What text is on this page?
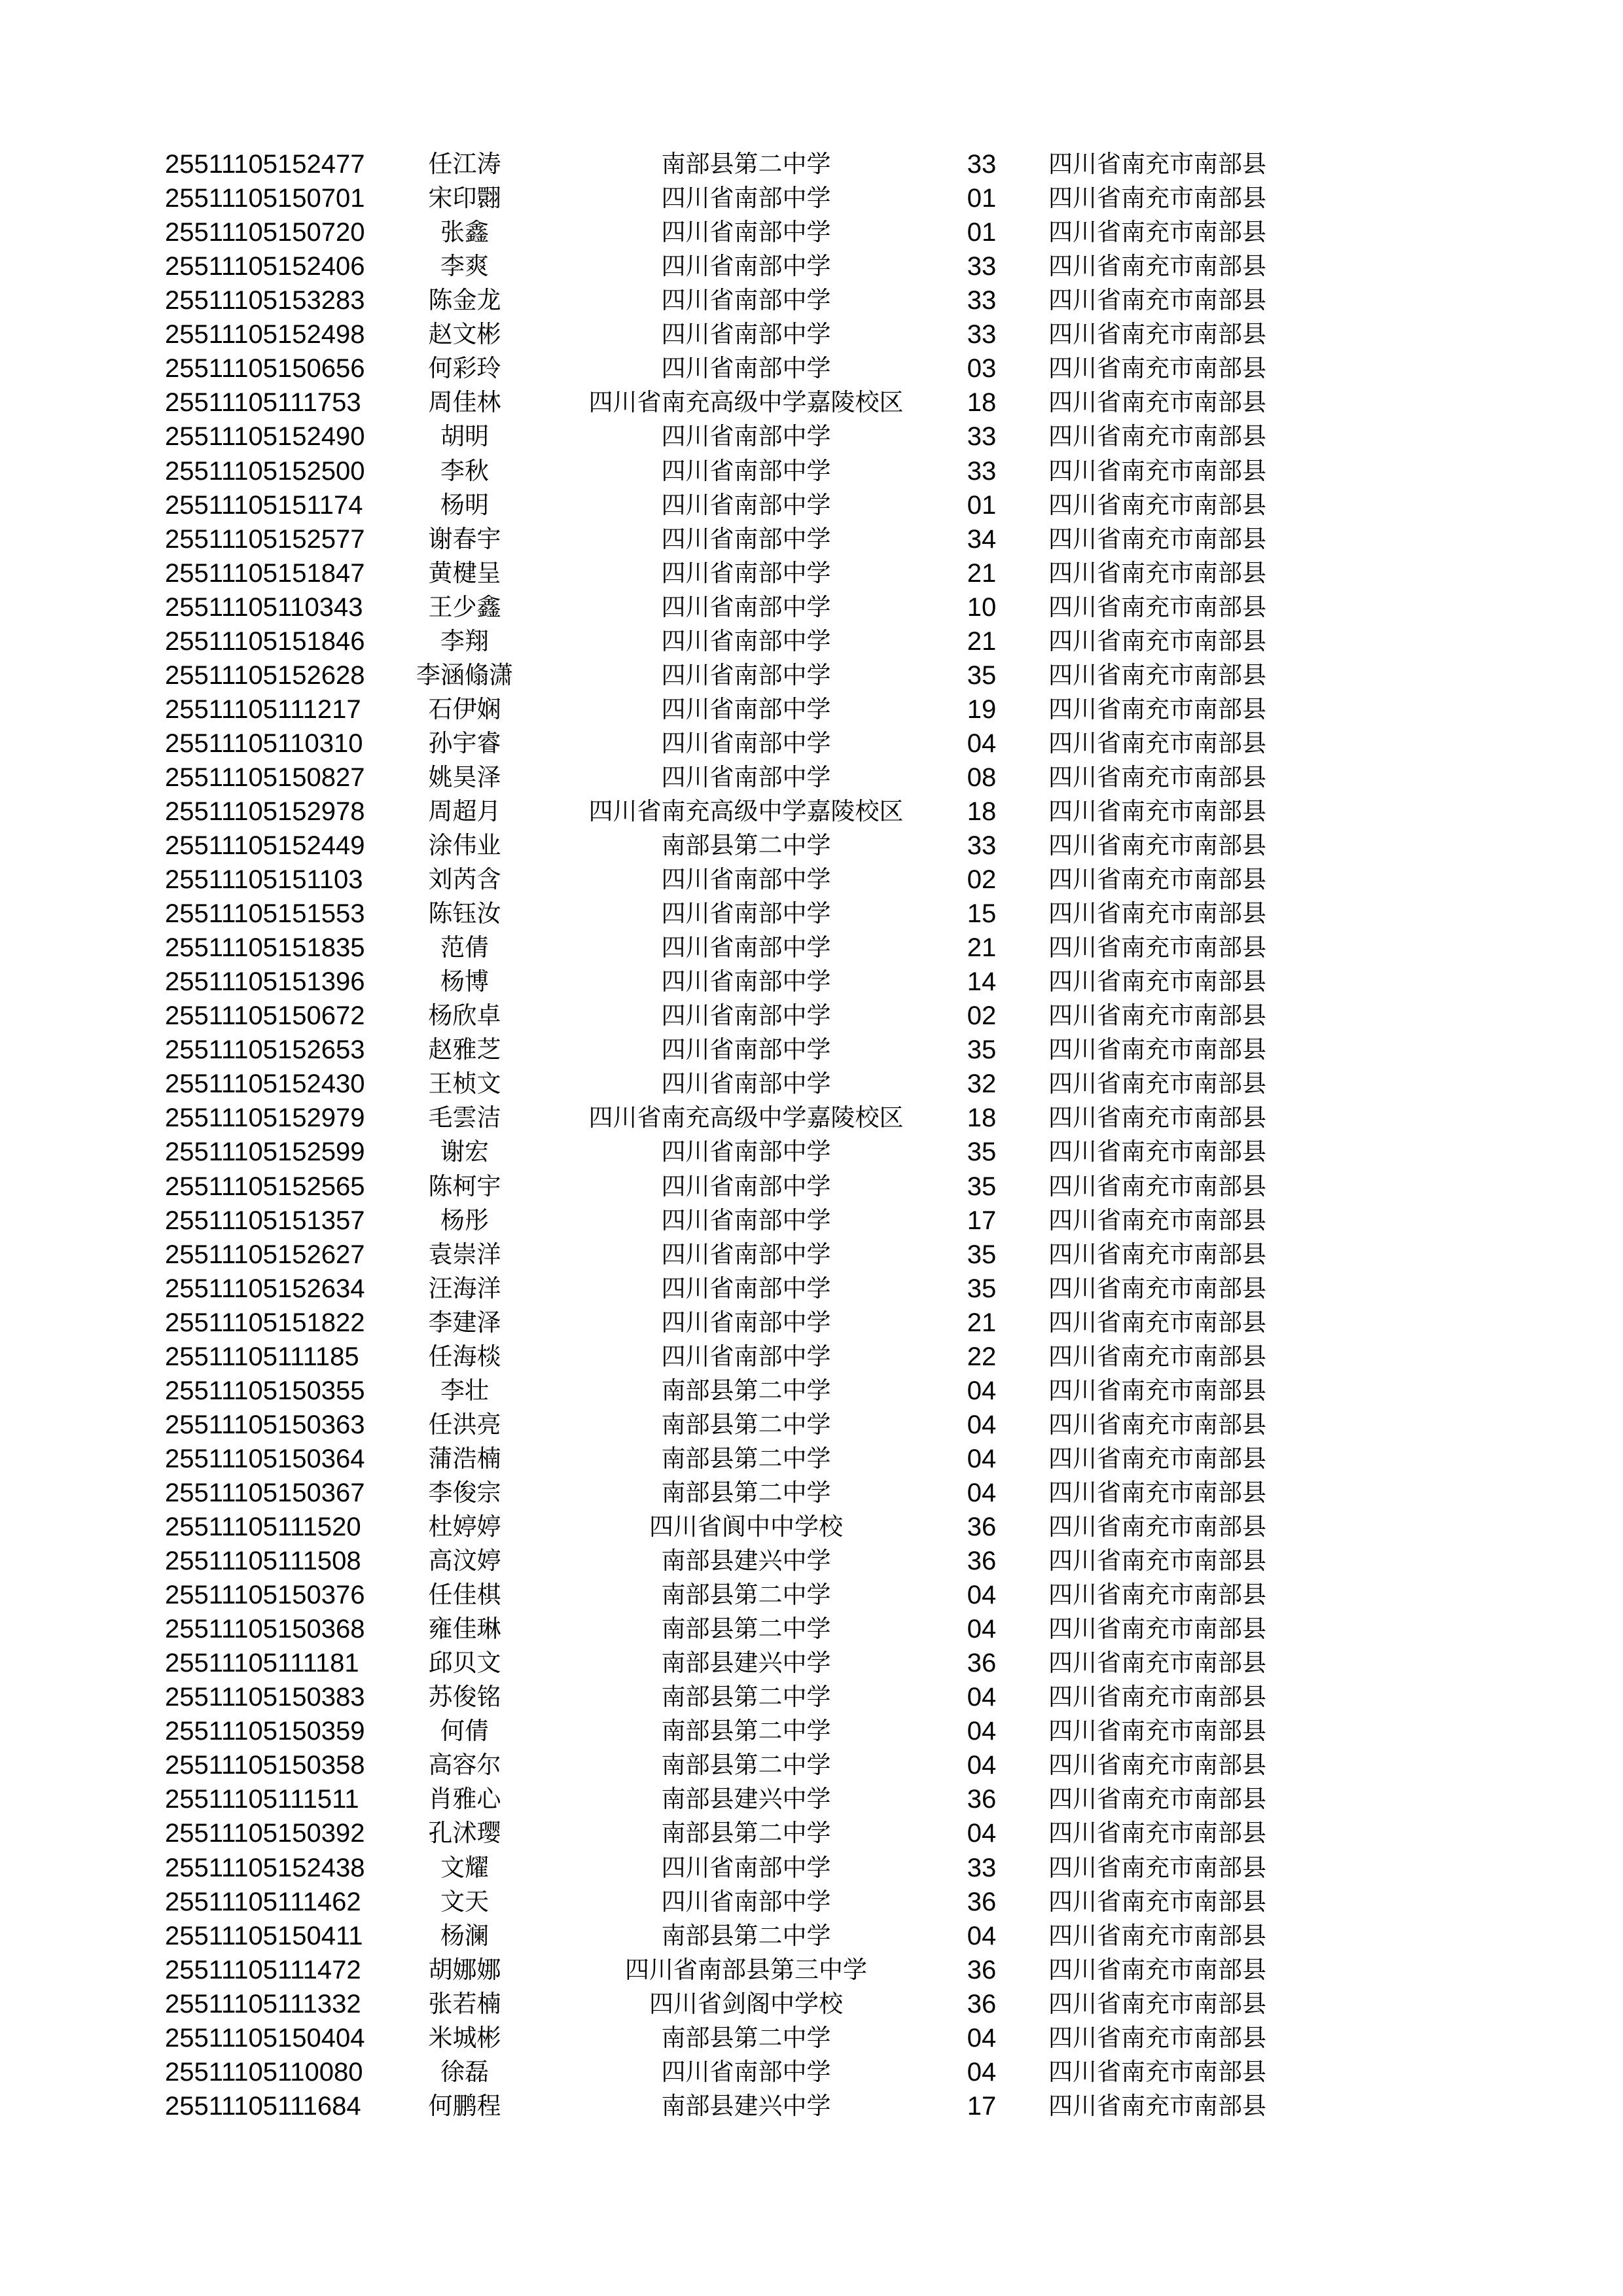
25511105152477	任江涛	南部县第二中学	33	四川省南充市南部县
25511105150701	宋印翾	四川省南部中学	01	四川省南充市南部县
25511105150720	张鑫	四川省南部中学	01	四川省南充市南部县
25511105152406	李爽	四川省南部中学	33	四川省南充市南部县
25511105153283	陈金龙	四川省南部中学	33	四川省南充市南部县
25511105152498	赵文彬	四川省南部中学	33	四川省南充市南部县
25511105150656	何彩玲	四川省南部中学	03	四川省南充市南部县
25511105111753	周佳林	四川省南充高级中学嘉陵校区	18	四川省南充市南部县
25511105152490	胡明	四川省南部中学	33	四川省南充市南部县
25511105152500	李秋	四川省南部中学	33	四川省南充市南部县
25511105151174	杨明	四川省南部中学	01	四川省南充市南部县
25511105152577	谢春宇	四川省南部中学	34	四川省南充市南部县
25511105151847	黄楗呈	四川省南部中学	21	四川省南充市南部县
25511105110343	王少鑫	四川省南部中学	10	四川省南充市南部县
25511105151846	李翔	四川省南部中学	21	四川省南充市南部县
25511105152628	李涵翛潇	四川省南部中学	35	四川省南充市南部县
25511105111217	石伊娴	四川省南部中学	19	四川省南充市南部县
25511105110310	孙宇睿	四川省南部中学	04	四川省南充市南部县
25511105150827	姚昊泽	四川省南部中学	08	四川省南充市南部县
25511105152978	周超月	四川省南充高级中学嘉陵校区	18	四川省南充市南部县
25511105152449	涂伟业	南部县第二中学	33	四川省南充市南部县
25511105151103	刘芮含	四川省南部中学	02	四川省南充市南部县
25511105151553	陈钰汝	四川省南部中学	15	四川省南充市南部县
25511105151835	范倩	四川省南部中学	21	四川省南充市南部县
25511105151396	杨博	四川省南部中学	14	四川省南充市南部县
25511105150672	杨欣卓	四川省南部中学	02	四川省南充市南部县
25511105152653	赵雅芝	四川省南部中学	35	四川省南充市南部县
25511105152430	王桢文	四川省南部中学	32	四川省南充市南部县
25511105152979	毛雲洁	四川省南充高级中学嘉陵校区	18	四川省南充市南部县
25511105152599	谢宏	四川省南部中学	35	四川省南充市南部县
25511105152565	陈柯宇	四川省南部中学	35	四川省南充市南部县
25511105151357	杨彤	四川省南部中学	17	四川省南充市南部县
25511105152627	袁崇洋	四川省南部中学	35	四川省南充市南部县
25511105152634	汪海洋	四川省南部中学	35	四川省南充市南部县
25511105151822	李建泽	四川省南部中学	21	四川省南充市南部县
25511105111185	任海棪	四川省南部中学	22	四川省南充市南部县
25511105150355	李壮	南部县第二中学	04	四川省南充市南部县
25511105150363	任洪亮	南部县第二中学	04	四川省南充市南部县
25511105150364	蒲浩楠	南部县第二中学	04	四川省南充市南部县
25511105150367	李俊宗	南部县第二中学	04	四川省南充市南部县
25511105111520	杜婷婷	四川省阆中中学校	36	四川省南充市南部县
25511105111508	高汶婷	南部县建兴中学	36	四川省南充市南部县
25511105150376	任佳棋	南部县第二中学	04	四川省南充市南部县
25511105150368	雍佳琳	南部县第二中学	04	四川省南充市南部县
25511105111181	邱贝文	南部县建兴中学	36	四川省南充市南部县
25511105150383	苏俊铭	南部县第二中学	04	四川省南充市南部县
25511105150359	何倩	南部县第二中学	04	四川省南充市南部县
25511105150358	高容尔	南部县第二中学	04	四川省南充市南部县
25511105111511	肖雅心	南部县建兴中学	36	四川省南充市南部县
25511105150392	孔沭璎	南部县第二中学	04	四川省南充市南部县
25511105152438	文耀	四川省南部中学	33	四川省南充市南部县
25511105111462	文天	四川省南部中学	36	四川省南充市南部县
25511105150411	杨澜	南部县第二中学	04	四川省南充市南部县
25511105111472	胡娜娜	四川省南部县第三中学	36	四川省南充市南部县
25511105111332	张若楠	四川省剑阁中学校	36	四川省南充市南部县
25511105150404	米城彬	南部县第二中学	04	四川省南充市南部县
25511105110080	徐磊	四川省南部中学	04	四川省南充市南部县
25511105111684	何鹏程	南部县建兴中学	17	四川省南充市南部县
